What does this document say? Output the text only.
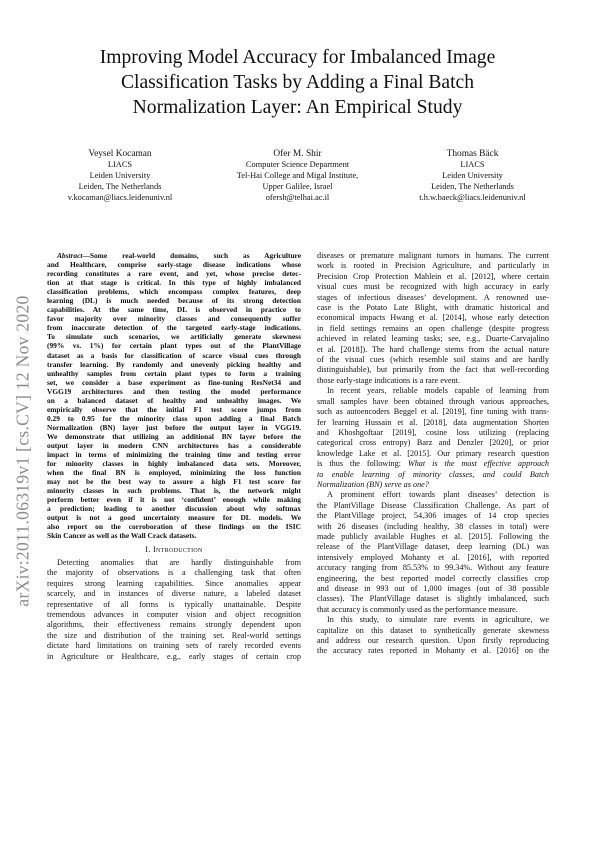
arXiv:2011.06319v1 [cs.CV] 12 Nov 2020
Improving Model Accuracy for Imbalanced Image
Classification Tasks by Adding a Final Batch
Normalization Layer: An Empirical Study
Veysel Kocaman
LIACS
Leiden University
Leiden, The Netherlands
v.kocaman@liacs.leidenuniv.nl
Ofer M. Shir
Computer Science Department
Tel-Hai College and Migal Institute,
Upper Galilee, Israel
ofersh@telhai.ac.il
Thomas Bäck
LIACS
Leiden University
Leiden, The Netherlands
t.h.w.baeck@liacs.leidenuniv.nl
Abstract—Some real-world domains, such as Agriculture
and Healthcare, comprise early-stage disease indications whose
recording constitutes a rare event, and yet, whose precise detec-
tion at that stage is critical. In this type of highly imbalanced
classification problems, which encompass complex features, deep
learning (DL) is much needed because of its strong detection
capabilities. At the same time, DL is observed in practice to
favor majority over minority classes and consequently suffer
from inaccurate detection of the targeted early-stage indications.
To simulate such scenarios, we artificially generate skewness
(99% vs. 1%) for certain plant types out of the PlantVillage
dataset as a basis for classification of scarce visual cues through
transfer learning. By randomly and unevenly picking healthy and
unhealthy samples from certain plant types to form a training
set, we consider a base experiment as fine-tuning ResNet34 and
VGG19 architectures and then testing the model performance
on a balanced dataset of healthy and unhealthy images. We
empirically observe that the initial F1 test score jumps from
0.29 to 0.95 for the minority class upon adding a final Batch
Normalization (BN) layer just before the output layer in VGG19.
We demonstrate that utilizing an additional BN layer before the
output layer in modern CNN architectures has a considerable
impact in terms of minimizing the training time and testing error
for minority classes in highly imbalanced data sets. Moreover,
when the final BN is employed, minimizing the loss function
may not be the best way to assure a high F1 test score for
minority classes in such problems. That is, the network might
perform better even if it is not ‘confident’ enough while making
a prediction; leading to another discussion about why softmax
output is not a good uncertainty measure for DL models. We
also report on the corroboration of these findings on the ISIC
Skin Cancer as well as the Wall Crack datasets.
I. Introduction
Detecting anomalies that are hardly distinguishable from
the majority of observations is a challenging task that often
requires strong learning capabilities. Since anomalies appear
scarcely, and in instances of diverse nature, a labeled dataset
representative of all forms is typically unattainable. Despite
tremendous advances in computer vision and object recognition
algorithms, their effectiveness remains strongly dependent upon
the size and distribution of the training set. Real-world settings
dictate hard limitations on training sets of rarely recorded events
in Agriculture or Healthcare, e.g., early stages of certain crop
diseases or premature malignant tumors in humans. The current
work is rooted in Precision Agriculture, and particularly in
Precision Crop Protection Mahlein et al. [2012], where certain
visual cues must be recognized with high accuracy in early
stages of infectious diseases’ development. A renowned use-
case is the Potato Late Blight, with dramatic historical and
economical impacts Hwang et al. [2014], whose early detection
in field settings remains an open challenge (despite progress
achieved in related learning tasks; see, e.g., Duarte-Carvajalino
et al. [2018]). The hard challenge stems from the actual nature
of the visual cues (which resemble soil stains and are hardly
distinguishable), but primarily from the fact that well-recording
those early-stage indications is a rare event.
In recent years, reliable models capable of learning from
small samples have been obtained through various approaches,
such as autoencoders Beggel et al. [2019], fine tuning with trans-
fer learning Hussain et al. [2018], data augmentation Shorten
and Khoshgoftaar [2019], cosine loss utilizing (replacing
categorical cross entropy) Barz and Denzler [2020], or prior
knowledge Lake et al. [2015]. Our primary research question
is thus the following: What is the most effective approach
to enable learning of minority classes, and could Batch
Normalization (BN) serve as one?
A prominent effort towards plant diseases’ detection is
the PlantVillage Disease Classification Challenge. As part of
the PlantVillage project, 54,306 images of 14 crop species
with 26 diseases (including healthy, 38 classes in total) were
made publicly available Hughes et al. [2015]. Following the
release of the PlantVillage dataset, deep learning (DL) was
intensively employed Mohanty et al. [2016], with reported
accuracy ranging from 85.53% to 99.34%. Without any feature
engineering, the best reported model correctly classifies crop
and disease in 993 out of 1,000 images (out of 38 possible
classes). The PlantVillage dataset is slightly imbalanced, such
that accuracy is commonly used as the performance measure.
In this study, to simulate rare events in agriculture, we
capitalize on this dataset to synthetically generate skewness
and address our research question. Upon firstly reproducing
the accuracy rates reported in Mohanty et al. [2016] on the
